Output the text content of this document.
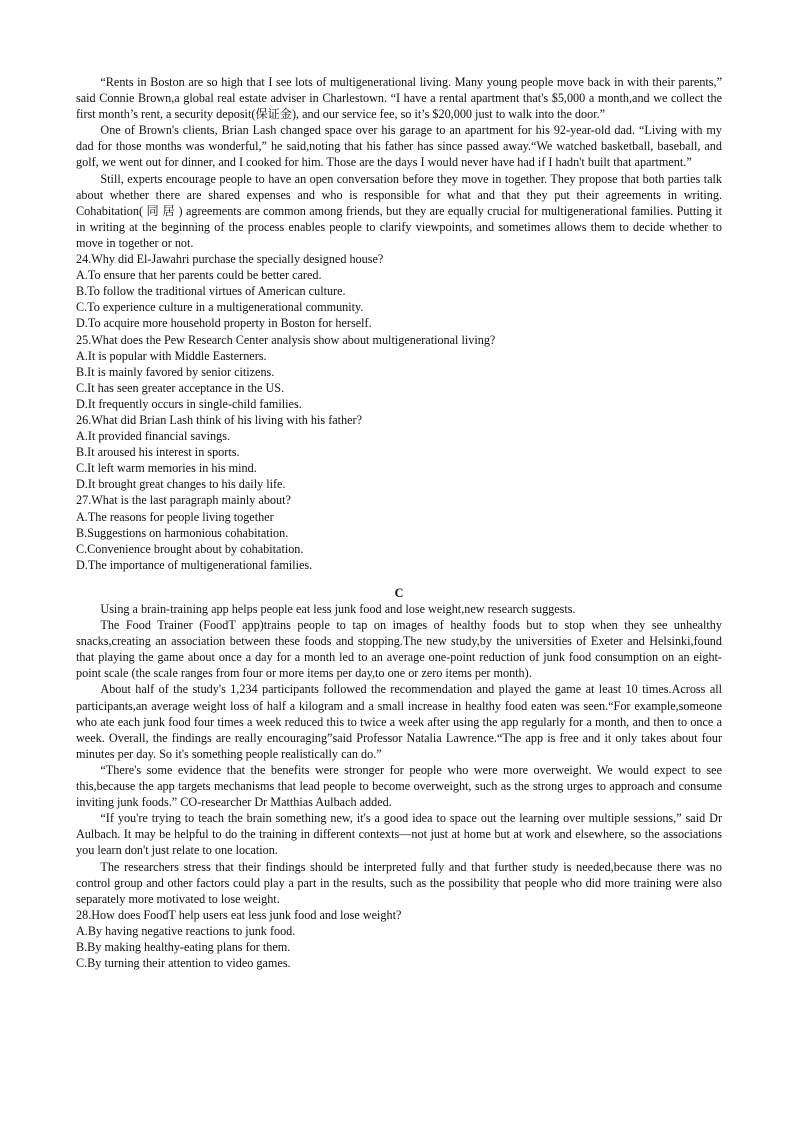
“Rents in Boston are so high that I see lots of multigenerational living. Many young people move back in with their parents,” said Connie Brown,a global real estate adviser in Charlestown. “I have a rental apartment that's $5,000 a month,and we collect the first month’s rent, a security deposit(保证金), and our service fee, so it’s $20,000 just to walk into the door.”

One of Brown's clients, Brian Lash changed space over his garage to an apartment for his 92-year-old dad. “Living with my dad for those months was wonderful,” he said,noting that his father has since passed away.“We watched basketball, baseball, and golf, we went out for dinner, and I cooked for him. Those are the days I would never have had if I hadn't built that apartment.”

Still, experts encourage people to have an open conversation before they move in together. They propose that both parties talk about whether there are shared expenses and who is responsible for what and that they put their agreements in writing. Cohabitation( 同 居 ) agreements are common among friends, but they are equally crucial for multigenerational families. Putting it in writing at the beginning of the process enables people to clarify viewpoints, and sometimes allows them to decide whether to move in together or not.

24.Why did El-Jawahri purchase the specially designed house?

A.To ensure that her parents could be better cared.

B.To follow the traditional virtues of American culture.

C.To experience culture in a multigenerational community.

D.To acquire more household property in Boston for herself.

25.What does the Pew Research Center analysis show about multigenerational living?

A.It is popular with Middle Easterners.

B.It is mainly favored by senior citizens.

C.It has seen greater acceptance in the US.

D.It frequently occurs in single-child families.

26.What did Brian Lash think of his living with his father?

A.It provided financial savings.

B.It aroused his interest in sports.

C.It left warm memories in his mind.

D.It brought great changes to his daily life.

27.What is the last paragraph mainly about?

A.The reasons for people living together

B.Suggestions on harmonious cohabitation.

C.Convenience brought about by cohabitation.

D.The importance of multigenerational families.

C

Using a brain-training app helps people eat less junk food and lose weight,new research suggests.

The Food Trainer (FoodT app)trains people to tap on images of healthy foods but to stop when they see unhealthy snacks,creating an association between these foods and stopping.The new study,by the universities of Exeter and Helsinki,found that playing the game about once a day for a month led to an average one-point reduction of junk food consumption on an eight-point scale (the scale ranges from four or more items per day,to one or zero items per month).

About half of the study's 1,234 participants followed the recommendation and played the game at least 10 times.Across all participants,an average weight loss of half a kilogram and a small increase in healthy food eaten was seen.“For example,someone who ate each junk food four times a week reduced this to twice a week after using the app regularly for a month, and then to once a week. Overall, the findings are really encouraging”said Professor Natalia Lawrence.“The app is free and it only takes about four minutes per day. So it's something people realistically can do.”

“There's some evidence that the benefits were stronger for people who were more overweight. We would expect to see this,because the app targets mechanisms that lead people to become overweight, such as the strong urges to approach and consume inviting junk foods.” CO-researcher Dr Matthias Aulbach added.

“If you're trying to teach the brain something new, it's a good idea to space out the learning over multiple sessions,” said Dr Aulbach. It may be helpful to do the training in different contexts—not just at home but at work and elsewhere, so the associations you learn don't just relate to one location.

The researchers stress that their findings should be interpreted fully and that further study is needed,because there was no control group and other factors could play a part in the results, such as the possibility that people who did more training were also separately more motivated to lose weight.

28.How does FoodT help users eat less junk food and lose weight?

A.By having negative reactions to junk food.

B.By making healthy-eating plans for them.

C.By turning their attention to video games.
